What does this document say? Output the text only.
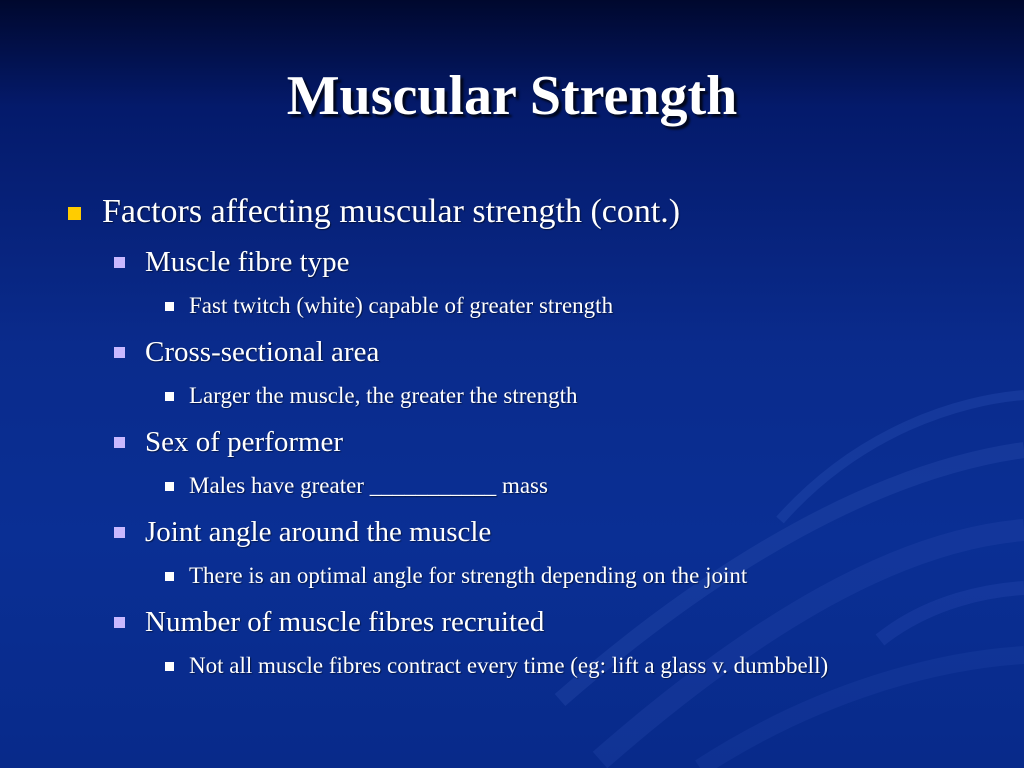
Muscular Strength
Factors affecting muscular strength (cont.)
Muscle fibre type
Fast twitch (white) capable of greater strength
Cross-sectional area
Larger the muscle, the greater the strength
Sex of performer
Males have greater ___________ mass
Joint angle around the muscle
There is an optimal angle for strength depending on the joint
Number of muscle fibres recruited
Not all muscle fibres contract every time (eg: lift a glass v. dumbbell)
